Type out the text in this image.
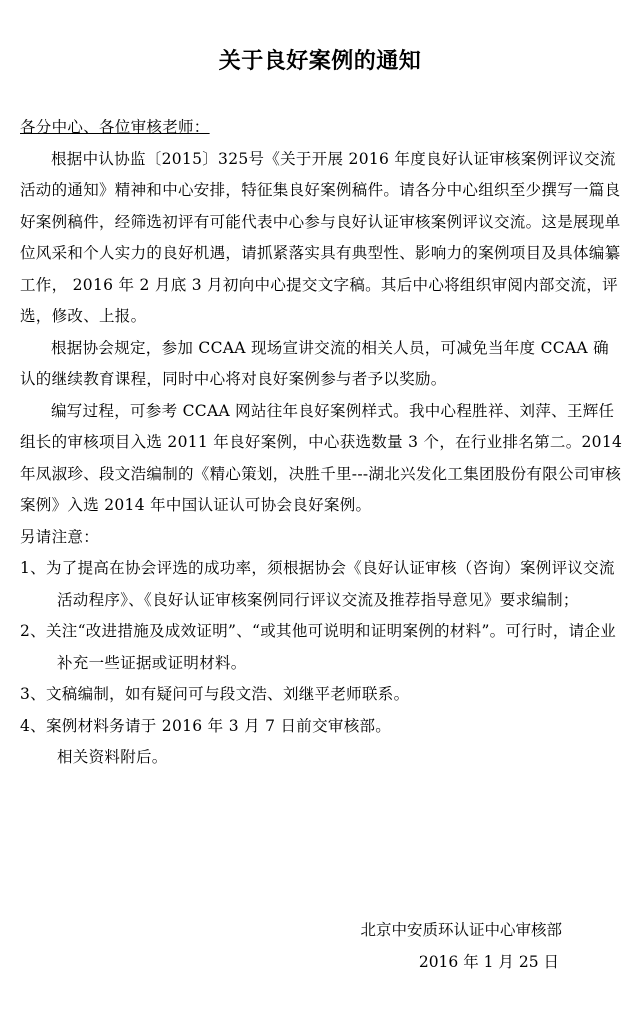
关于良好案例的通知

各分中心、各位审核老师：

根据中认协监〔2015〕325号《关于开展 2016 年度良好认证审核案例评议交流活动的通知》精神和中心安排，特征集良好案例稿件。请各分中心组织至少撰写一篇良好案例稿件，经筛选初评有可能代表中心参与良好认证审核案例评议交流。这是展现单位风采和个人实力的良好机遇，请抓紧落实具有典型性、影响力的案例项目及具体编纂工作， 2016 年 2 月底 3 月初向中心提交文字稿。其后中心将组织审阅内部交流，评选，修改、上报。

根据协会规定，参加 CCAA 现场宣讲交流的相关人员，可减免当年度 CCAA 确认的继续教育课程，同时中心将对良好案例参与者予以奖励。

编写过程，可参考 CCAA 网站往年良好案例样式。我中心程胜祥、刘萍、王辉任组长的审核项目入选 2011 年良好案例，中心获选数量 3 个，在行业排名第二。2014 年凤淑珍、段文浩编制的《精心策划，决胜千里---湖北兴发化工集团股份有限公司审核案例》入选 2014 年中国认证认可协会良好案例。

另请注意：

1、为了提高在协会评选的成功率，须根据协会《良好认证审核（咨询）案例评议交流活动程序》、《良好认证审核案例同行评议交流及推荐指导意见》要求编制；

2、关注“改进措施及成效证明”、“或其他可说明和证明案例的材料”。可行时，请企业补充一些证据或证明材料。

3、文稿编制，如有疑问可与段文浩、刘继平老师联系。

4、案例材料务请于 2016 年 3 月 7 日前交审核部。

相关资料附后。

北京中安质环认证中心审核部
2016 年 1 月 25 日
